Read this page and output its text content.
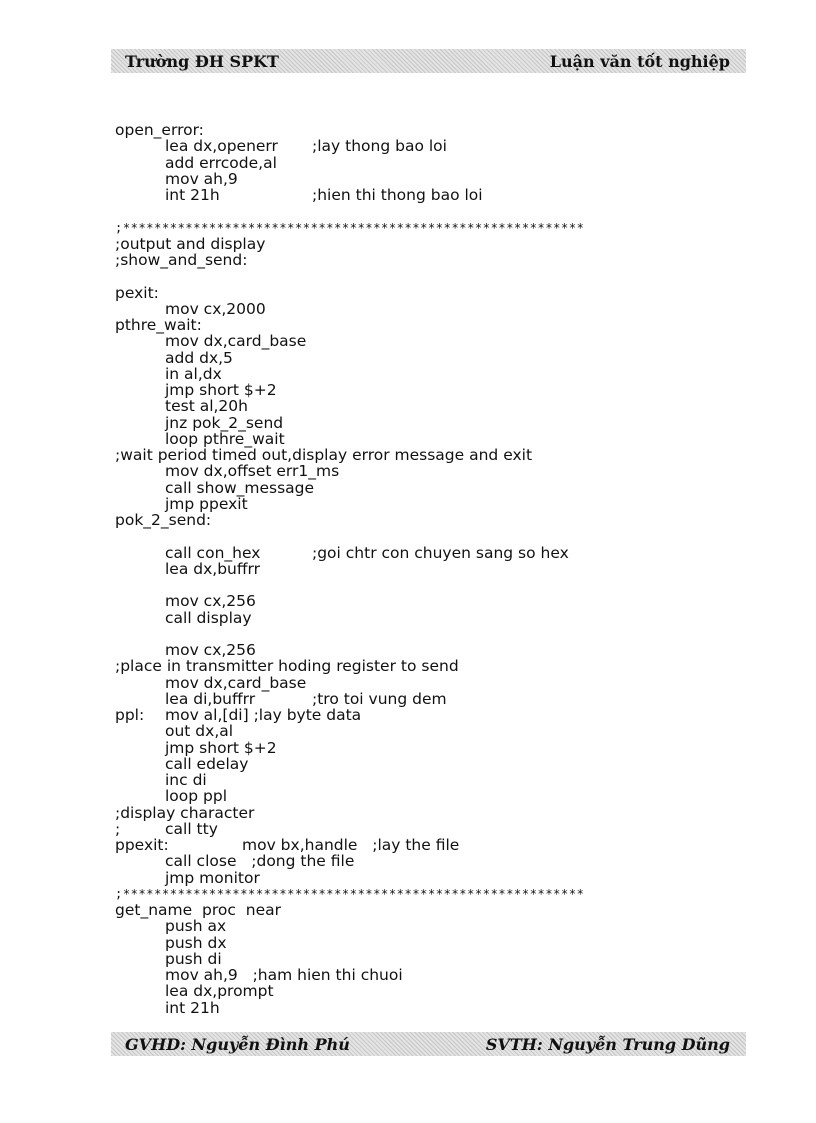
Trường ĐH SPKT	Luận văn tốt nghiệp
open_error:
lea dx,openerr ;lay thong bao loi
add errcode,al
mov ah,9
int 21h	;hien thi thong bao loi
;***********************************************************
;output and display
;show_and_send:
pexit:
mov cx,2000
pthre_wait:
mov dx,card_base
add dx,5
in al,dx
jmp short $+2
test al,20h
jnz pok_2_send
loop pthre_wait
;wait period timed out,display error message and exit
mov dx,offset err1_ms
call show_message
jmp ppexit
pok_2_send:
call con_hex	;goi chtr con chuyen sang so hex
lea dx,buffrr
mov cx,256
call display
mov cx,256
;place in transmitter hoding register to send
mov dx,card_base
lea di,buffrr	;tro toi vung dem
ppl: mov al,[di] ;lay byte data
out dx,al
jmp short $+2
call edelay
inc di
loop ppl
;display character
;	call tty
ppexit:	mov bx,handle   ;lay the file
call close   ;dong the file
jmp monitor
;***********************************************************
get_name  proc  near
push ax
push dx
push di
mov ah,9   ;ham hien thi chuoi
lea dx,prompt
int 21h
GVHD: Nguyễn Đình Phú	SVTH: Nguyễn Trung Dũng
